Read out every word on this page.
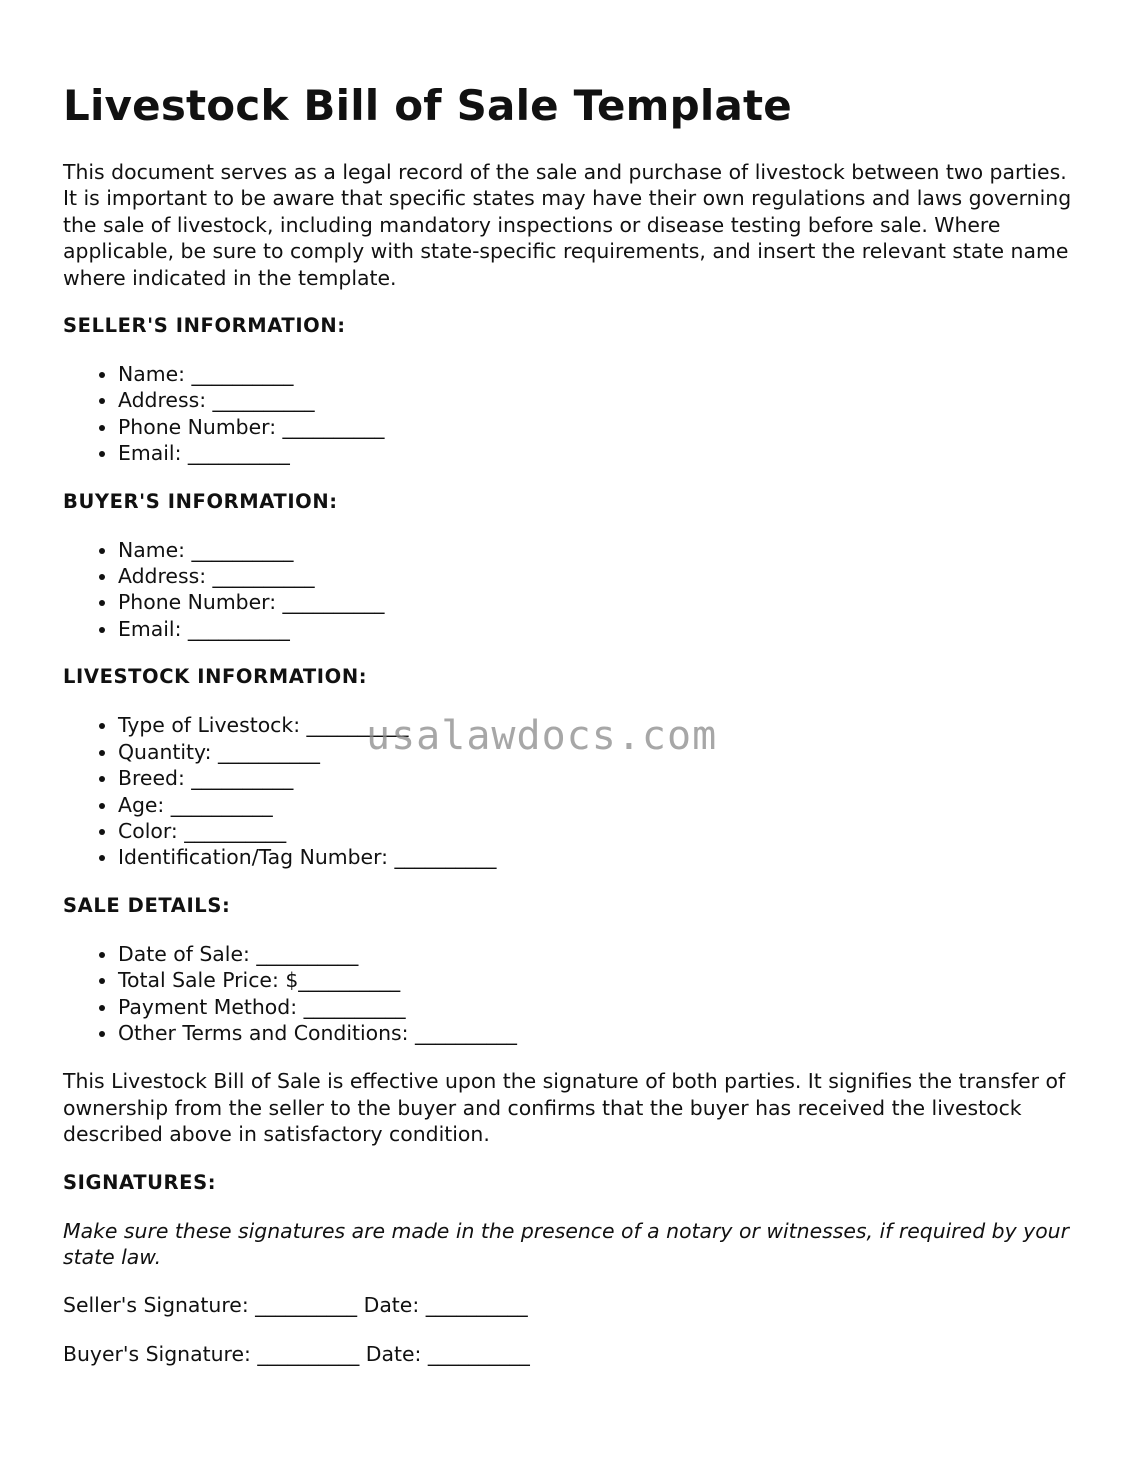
Livestock Bill of Sale Template

This document serves as a legal record of the sale and purchase of livestock between two parties. It is important to be aware that specific states may have their own regulations and laws governing the sale of livestock, including mandatory inspections or disease testing before sale. Where applicable, be sure to comply with state-specific requirements, and insert the relevant state name where indicated in the template.

SELLER'S INFORMATION:
• Name: __________
• Address: __________
• Phone Number: __________
• Email: __________
BUYER'S INFORMATION:
• Name: __________
• Address: __________
• Phone Number: __________
• Email: __________
LIVESTOCK INFORMATION:
• Type of Livestock: __________
• Quantity: __________
• Breed: __________
• Age: __________
• Color: __________
• Identification/Tag Number: __________
SALE DETAILS:
• Date of Sale: __________
• Total Sale Price: $__________
• Payment Method: __________
• Other Terms and Conditions: __________

This Livestock Bill of Sale is effective upon the signature of both parties. It signifies the transfer of ownership from the seller to the buyer and confirms that the buyer has received the livestock described above in satisfactory condition.

SIGNATURES:

Make sure these signatures are made in the presence of a notary or witnesses, if required by your state law.

Seller's Signature: __________ Date: __________

Buyer's Signature: __________ Date: __________

usalawdocs.com
